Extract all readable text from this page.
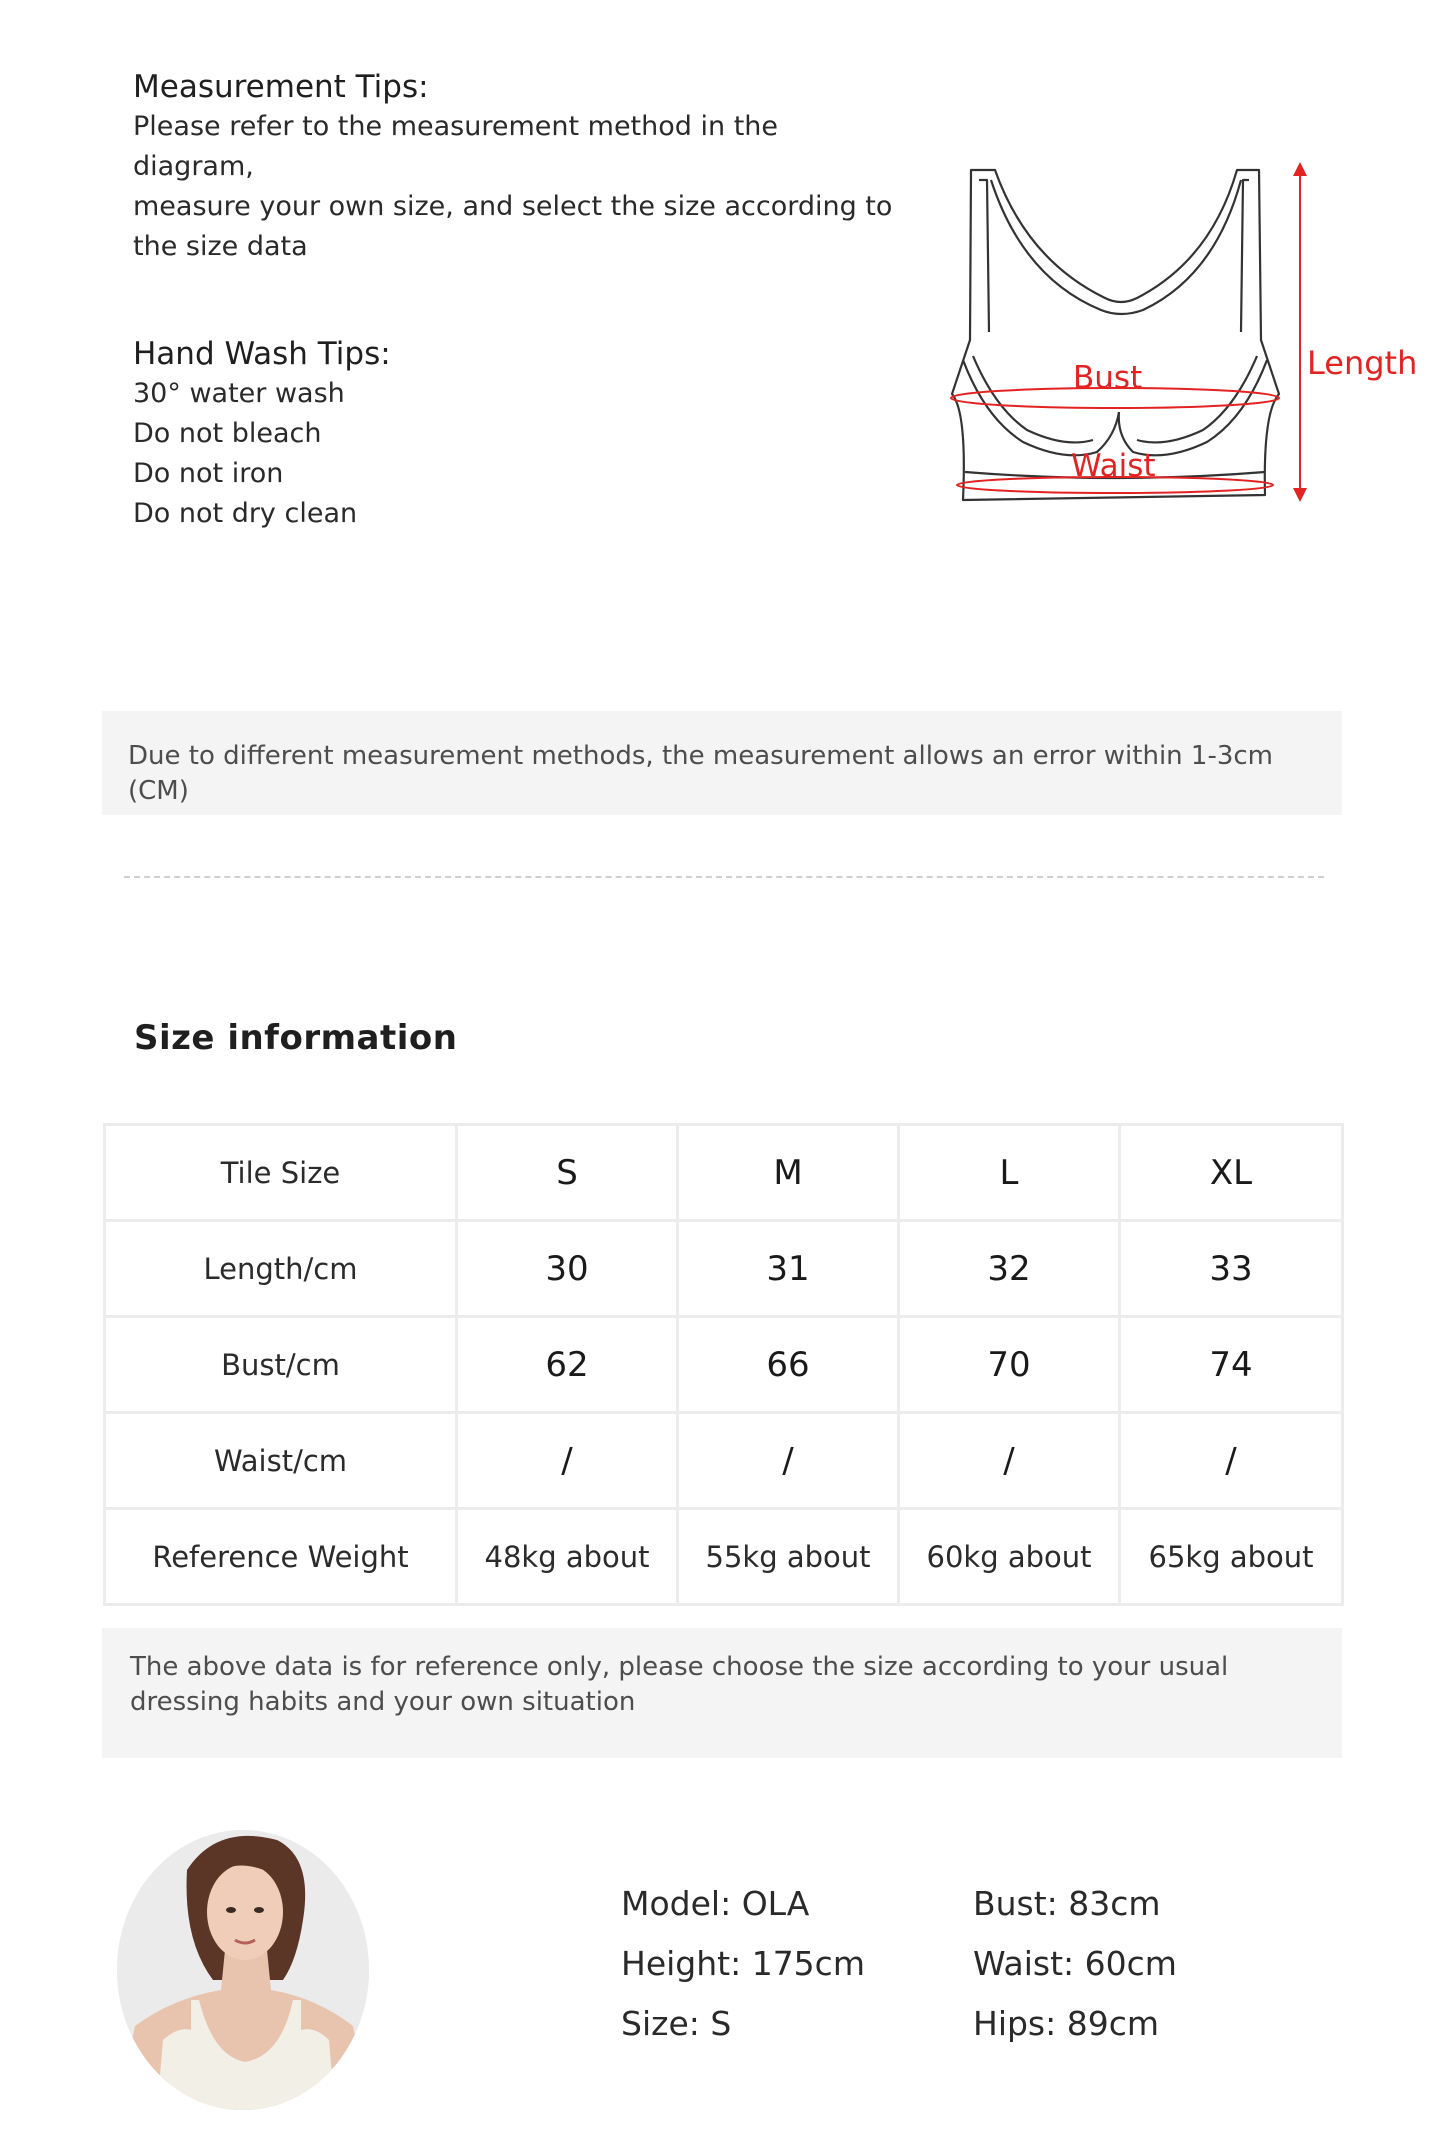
Measurement Tips:
Please refer to the measurement method in the diagram,
measure your own size, and select the size according to
the size data
Hand Wash Tips:
30° water wash
Do not bleach
Do not iron
Do not dry clean
Bust
Waist
Length
Due to different measurement methods, the measurement allows an error within 1-3cm (CM)
Size information
Tile Size	S	M	L	XL
Length/cm	30	31	32	33
Bust/cm	62	66	70	74
Waist/cm	/	/	/	/
Reference Weight	48kg about	55kg about	60kg about	65kg about
The above data is for reference only, please choose the size according to your usual dressing habits and your own situation
Model: OLA
Height: 175cm
Size: S
Bust: 83cm
Waist: 60cm
Hips: 89cm
